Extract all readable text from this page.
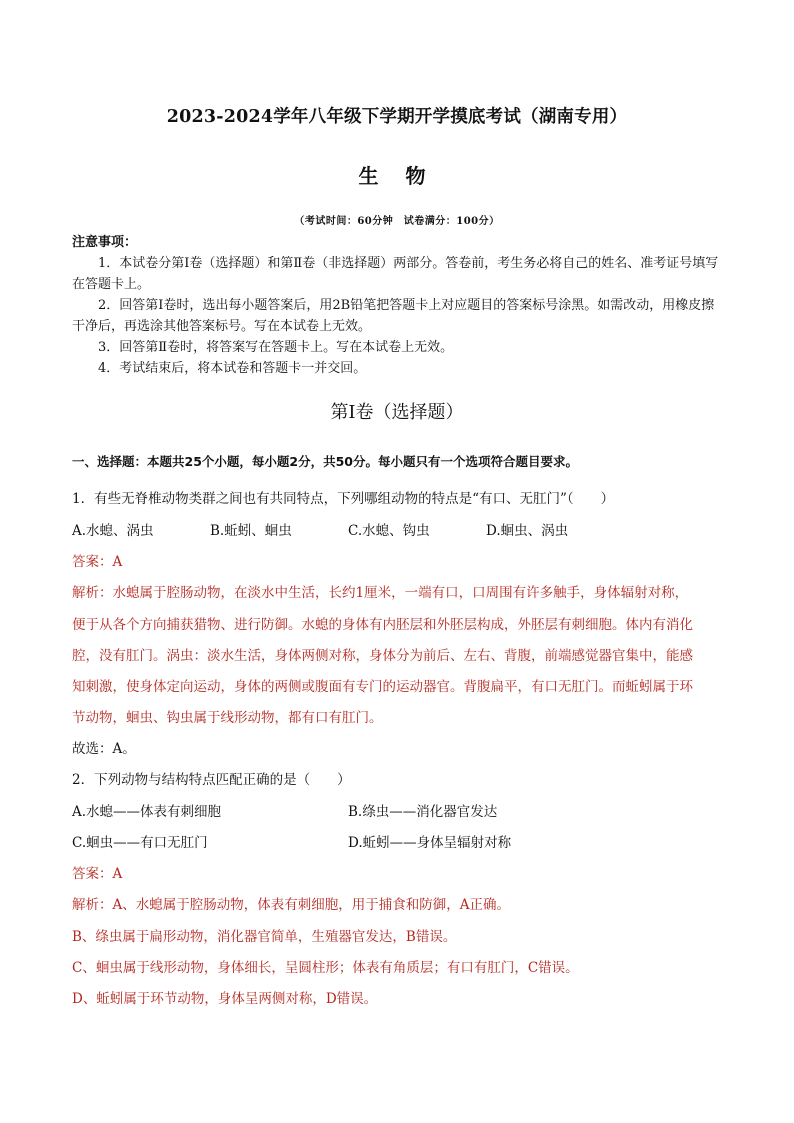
2023-2024学年八年级下学期开学摸底考试（湖南专用）
生 物
（考试时间：60分钟　试卷满分：100分）

注意事项：

1．本试卷分第Ⅰ卷（选择题）和第Ⅱ卷（非选择题）两部分。答卷前，考生务必将自己的姓名、准考证号填写在答题卡上。

2．回答第Ⅰ卷时，选出每小题答案后，用2B铅笔把答题卡上对应题目的答案标号涂黑。如需改动，用橡皮擦干净后，再选涂其他答案标号。写在本试卷上无效。

3．回答第Ⅱ卷时，将答案写在答题卡上。写在本试卷上无效。

4．考试结束后，将本试卷和答题卡一并交回。

第Ⅰ卷（选择题）
一、选择题：本题共25个小题，每小题2分，共50分。每小题只有一个选项符合题目要求。
1．有些无脊椎动物类群之间也有共同特点，下列哪组动物的特点是“有口、无肛门”（　　）
A.水螅、涡虫	B.蚯蚓、蛔虫	C.水螅、钩虫	D.蛔虫、涡虫
答案：A
解析：水螅属于腔肠动物，在淡水中生活，长约1厘米，一端有口，口周围有许多触手，身体辐射对称，
便于从各个方向捕获猎物、进行防御。水螅的身体有内胚层和外胚层构成，外胚层有刺细胞。体内有消化
腔，没有肛门。涡虫：淡水生活，身体两侧对称，身体分为前后、左右、背腹，前端感觉器官集中，能感
知刺激，使身体定向运动，身体的两侧或腹面有专门的运动器官。背腹扁平，有口无肛门。而蚯蚓属于环
节动物，蛔虫、钩虫属于线形动物，都有口有肛门。
故选：A。
2．下列动物与结构特点匹配正确的是（　　）
A.水螅——体表有刺细胞	B.绦虫——消化器官发达
C.蛔虫——有口无肛门	D.蚯蚓——身体呈辐射对称
答案：A
解析：A、水螅属于腔肠动物，体表有刺细胞，用于捕食和防御，A正确。
B、绦虫属于扁形动物，消化器官简单，生殖器官发达，B错误。
C、蛔虫属于线形动物，身体细长，呈圆柱形；体表有角质层；有口有肛门，C错误。
D、蚯蚓属于环节动物，身体呈两侧对称，D错误。
